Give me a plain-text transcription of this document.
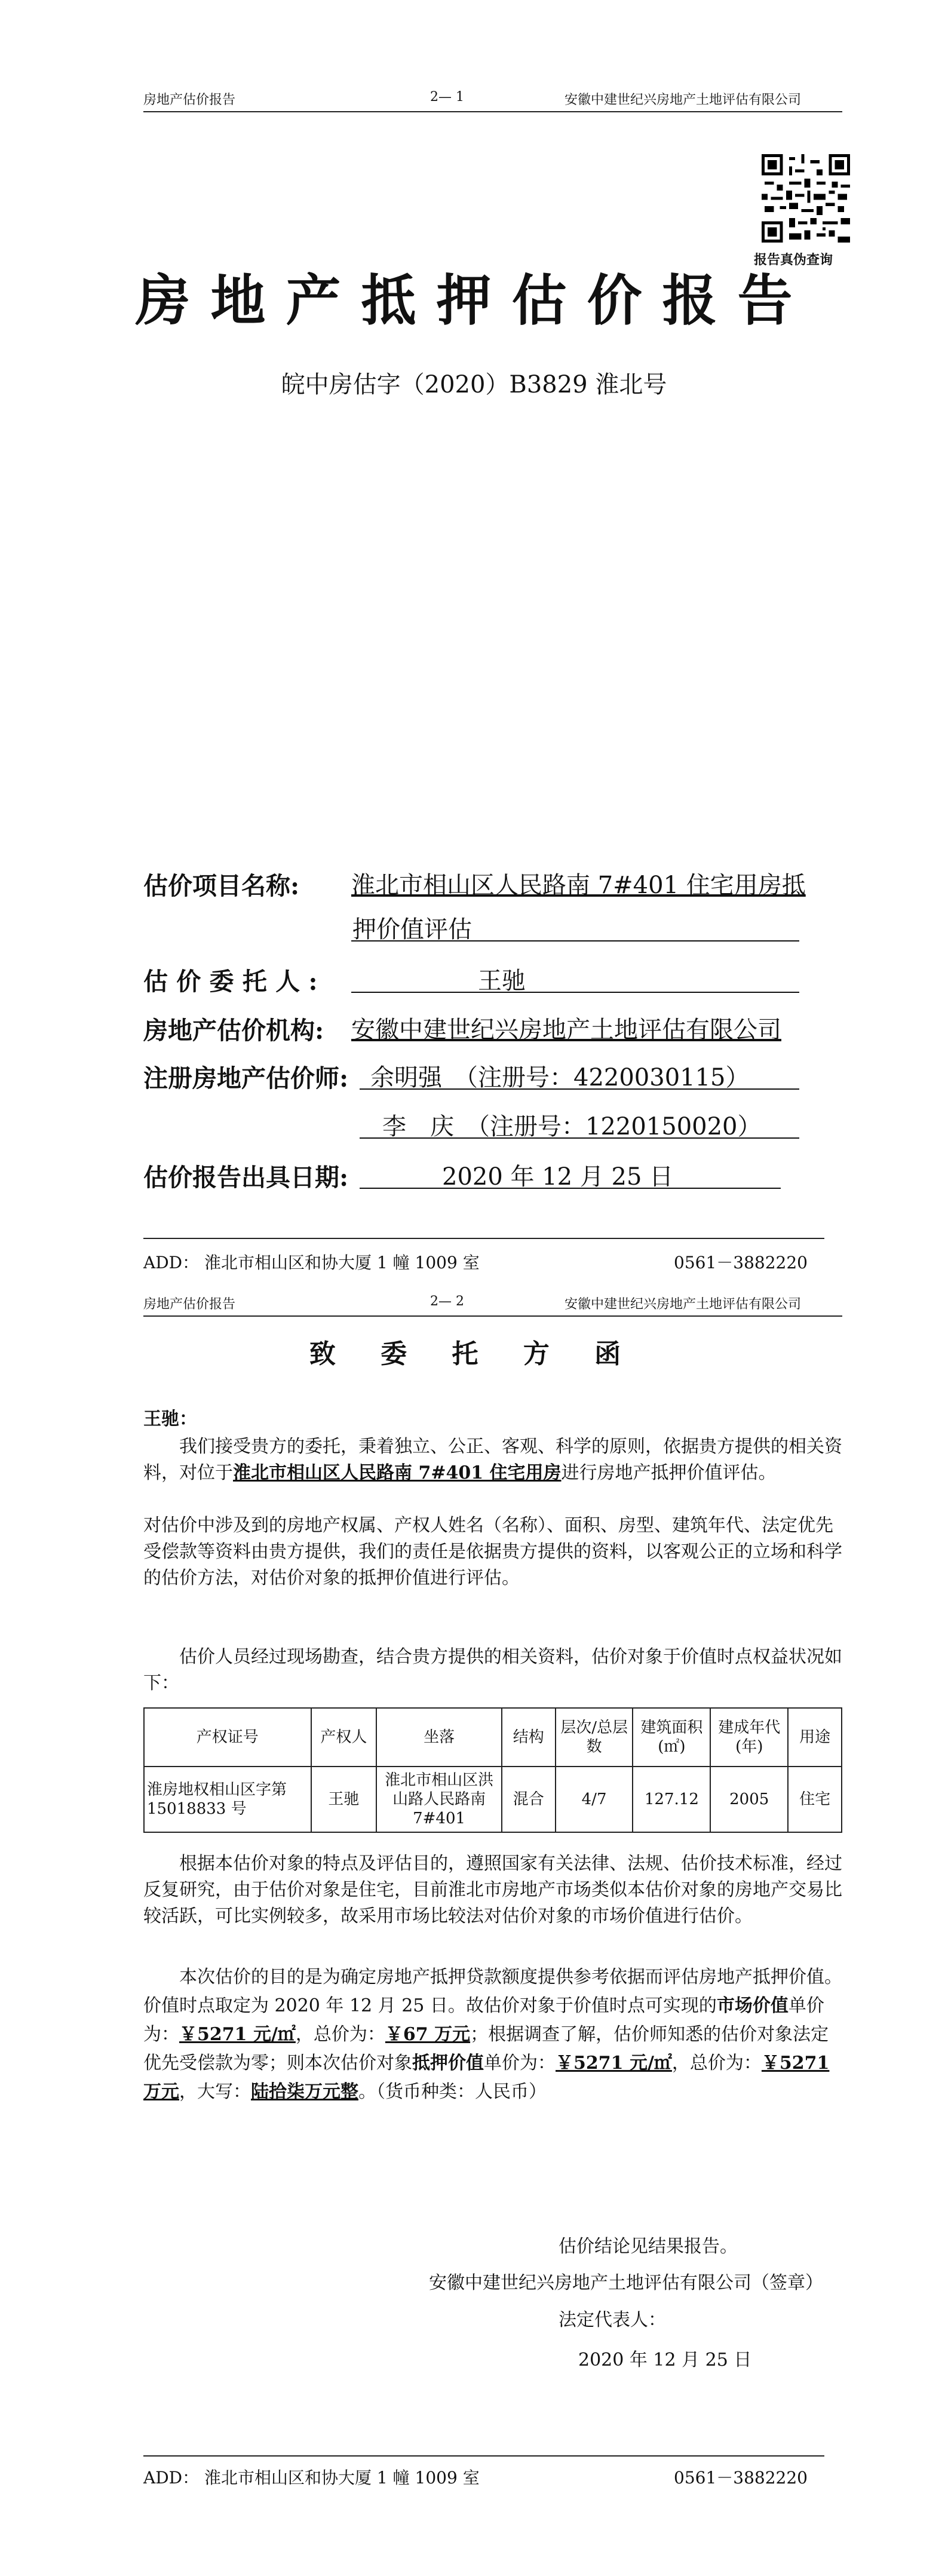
房地产估价报告	2— 1	安徽中建世纪兴房地产土地评估有限公司
报告真伪查询
房地产抵押估价报告
皖中房估字（2020）B3829 淮北号
估价项目名称: 淮北市相山区人民路南 7#401 住宅用房抵
押价值评估
估 价 委 托 人 :	王驰
房地产估价机构: 安徽中建世纪兴房地产土地评估有限公司
注册房地产估价师: 余明强　（注册号：4220030115）
李　庆　（注册号：1220150020）
估价报告出具日期:	2020 年 12 月 25 日
ADD： 淮北市相山区和协大厦 1 幢 1009 室	0561－3882220
房地产估价报告	2— 2	安徽中建世纪兴房地产土地评估有限公司
致 委 托 方 函
王驰：

我们接受贵方的委托，秉着独立、公正、客观、科学的原则，依据贵方提供的相关资料，对位于淮北市相山区人民路南 7#401 住宅用房进行房地产抵押价值评估。

对估价中涉及到的房地产权属、产权人姓名（名称）、面积、房型、建筑年代、法定优先受偿款等资料由贵方提供，我们的责任是依据贵方提供的资料，以客观公正的立场和科学的估价方法，对估价对象的抵押价值进行评估。

估价人员经过现场勘查，结合贵方提供的相关资料，估价对象于价值时点权益状况如下：

产权证号	产权人	坐落	结构	层次/总层数	建筑面积(㎡)	建成年代(年)	用途
淮房地权相山区字第15018833 号	王驰	淮北市相山区洪山路人民路南 7#401	混合	4/7	127.12	2005	住宅

根据本估价对象的特点及评估目的，遵照国家有关法律、法规、估价技术标准，经过反复研究，由于估价对象是住宅，目前淮北市房地产市场类似本估价对象的房地产交易比较活跃，可比实例较多，故采用市场比较法对估价对象的市场价值进行估价。

本次估价的目的是为确定房地产抵押贷款额度提供参考依据而评估房地产抵押价值。价值时点取定为 2020 年 12 月 25 日。故估价对象于价值时点可实现的市场价值单价为：￥5271 元/㎡，总价为：￥67 万元；根据调查了解，估价师知悉的估价对象法定优先受偿款为零；则本次估价对象抵押价值单价为：￥5271 元/㎡，总价为：￥5271 万元，大写：陆拾柒万元整。（货币种类：人民币）

估价结论见结果报告。
安徽中建世纪兴房地产土地评估有限公司（签章）
法定代表人：
2020 年 12 月 25 日
ADD： 淮北市相山区和协大厦 1 幢 1009 室	0561－3882220
